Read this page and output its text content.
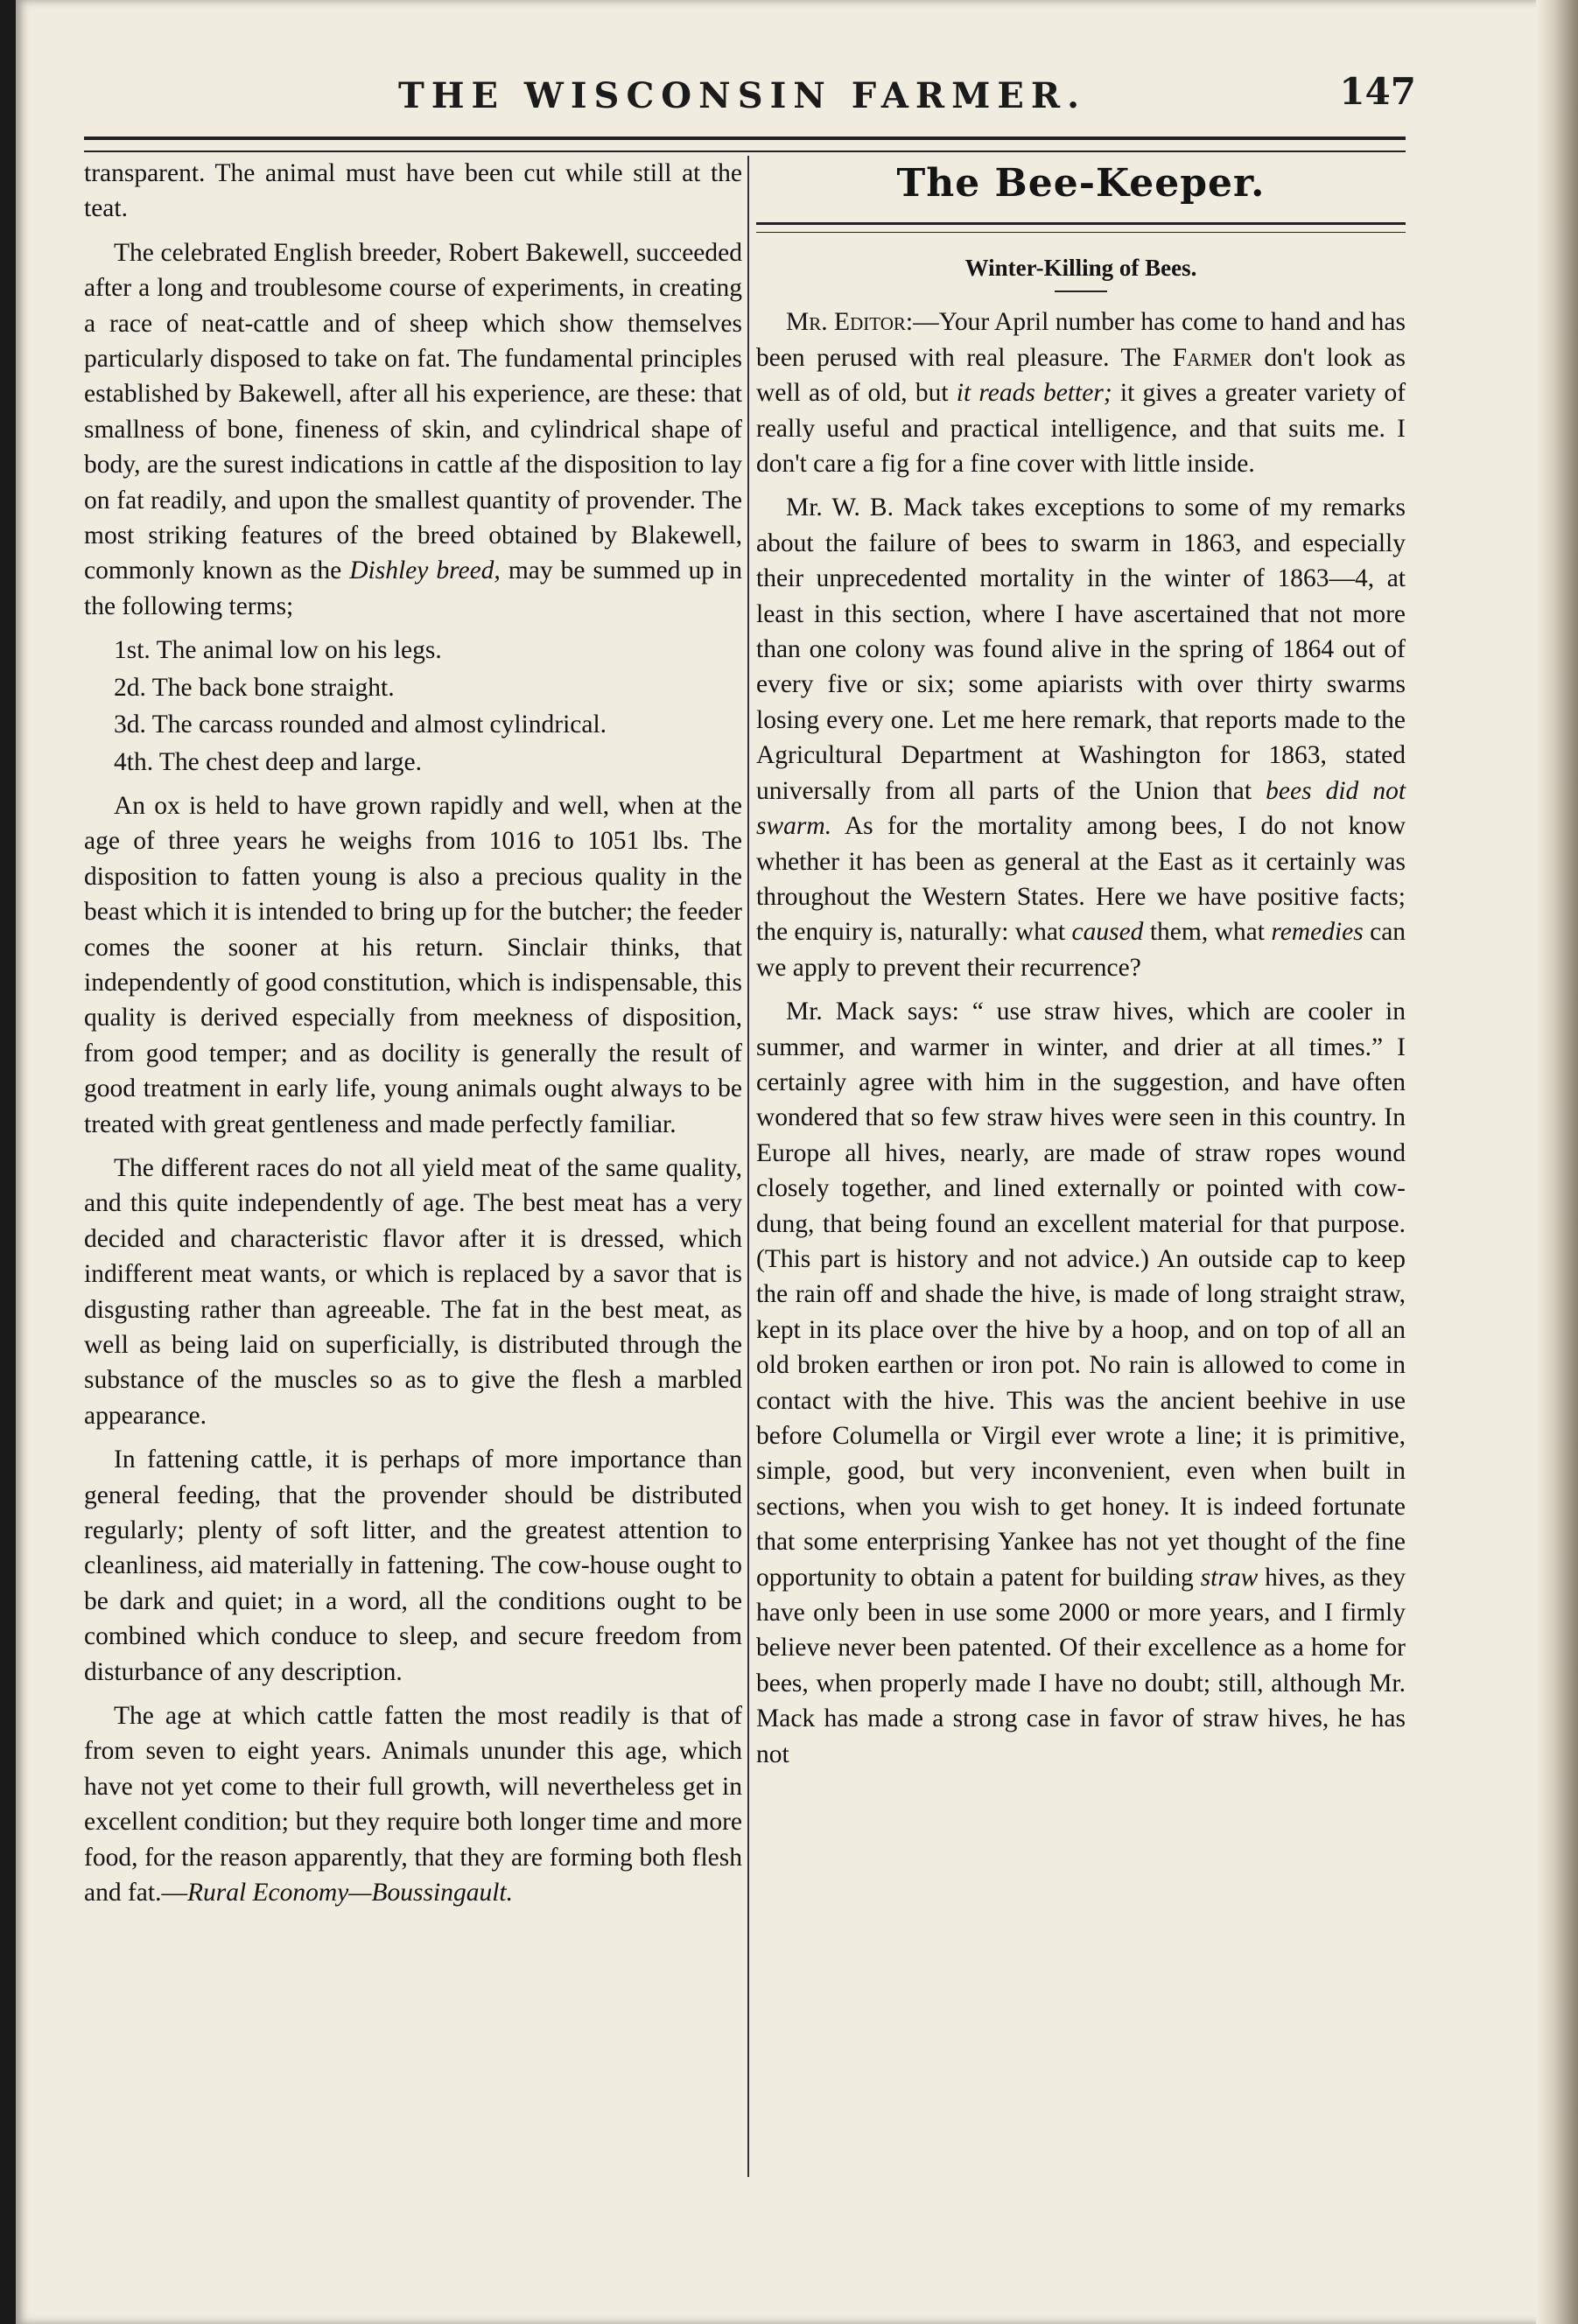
THE WISCONSIN FARMER.	147

transparent. The animal must have been cut while still at the teat.

The celebrated English breeder, Robert Bakewell, succeeded after a long and troublesome course of experiments, in creating a race of neat-cattle and of sheep which show themselves particularly disposed to take on fat. The fundamental principles established by Bakewell, after all his experience, are these: that smallness of bone, fineness of skin, and cylindrical shape of body, are the surest indications in cattle af the disposition to lay on fat readily, and upon the smallest quantity of provender. The most striking features of the breed obtained by Blakewell, commonly known as the Dishley breed, may be summed up in the following terms;

1st. The animal low on his legs.

2d. The back bone straight.

3d. The carcass rounded and almost cylindrical.

4th. The chest deep and large.

An ox is held to have grown rapidly and well, when at the age of three years he weighs from 1016 to 1051 lbs. The disposition to fatten young is also a precious quality in the beast which it is intended to bring up for the butcher; the feeder comes the sooner at his return. Sinclair thinks, that independently of good constitution, which is indispensable, this quality is derived especially from meekness of disposition, from good temper; and as docility is generally the result of good treatment in early life, young animals ought always to be treated with great gentleness and made perfectly familiar.

The different races do not all yield meat of the same quality, and this quite independently of age. The best meat has a very decided and characteristic flavor after it is dressed, which indifferent meat wants, or which is replaced by a savor that is disgusting rather than agreeable. The fat in the best meat, as well as being laid on superficially, is distributed through the substance of the muscles so as to give the flesh a marbled appearance.

In fattening cattle, it is perhaps of more importance than general feeding, that the provender should be distributed regularly; plenty of soft litter, and the greatest attention to cleanliness, aid materially in fattening. The cow-house ought to be dark and quiet; in a word, all the conditions ought to be combined which conduce to sleep, and secure freedom from disturbance of any description.

The age at which cattle fatten the most readily is that of from seven to eight years. Animals ununder this age, which have not yet come to their full growth, will nevertheless get in excellent condition; but they require both longer time and more food, for the reason apparently, that they are forming both flesh and fat.—Rural Economy—Boussingault.

The Bee-Keeper.
Winter-Killing of Bees.

Mr. Editor:—Your April number has come to hand and has been perused with real pleasure. The Farmer don't look as well as of old, but it reads better; it gives a greater variety of really useful and practical intelligence, and that suits me. I don't care a fig for a fine cover with little inside.

Mr. W. B. Mack takes exceptions to some of my remarks about the failure of bees to swarm in 1863, and especially their unprecedented mortality in the winter of 1863—4, at least in this section, where I have ascertained that not more than one colony was found alive in the spring of 1864 out of every five or six; some apiarists with over thirty swarms losing every one. Let me here remark, that reports made to the Agricultural Department at Washington for 1863, stated universally from all parts of the Union that bees did not swarm. As for the mortality among bees, I do not know whether it has been as general at the East as it certainly was throughout the Western States. Here we have positive facts; the enquiry is, naturally: what caused them, what remedies can we apply to prevent their recurrence?

Mr. Mack says: “ use straw hives, which are cooler in summer, and warmer in winter, and drier at all times.” I certainly agree with him in the suggestion, and have often wondered that so few straw hives were seen in this country. In Europe all hives, nearly, are made of straw ropes wound closely together, and lined externally or pointed with cow-dung, that being found an excellent material for that purpose. (This part is history and not advice.) An outside cap to keep the rain off and shade the hive, is made of long straight straw, kept in its place over the hive by a hoop, and on top of all an old broken earthen or iron pot. No rain is allowed to come in contact with the hive. This was the ancient beehive in use before Columella or Virgil ever wrote a line; it is primitive, simple, good, but very inconvenient, even when built in sections, when you wish to get honey. It is indeed fortunate that some enterprising Yankee has not yet thought of the fine opportunity to obtain a patent for building straw hives, as they have only been in use some 2000 or more years, and I firmly believe never been patented. Of their excellence as a home for bees, when properly made I have no doubt; still, although Mr. Mack has made a strong case in favor of straw hives, he has not
